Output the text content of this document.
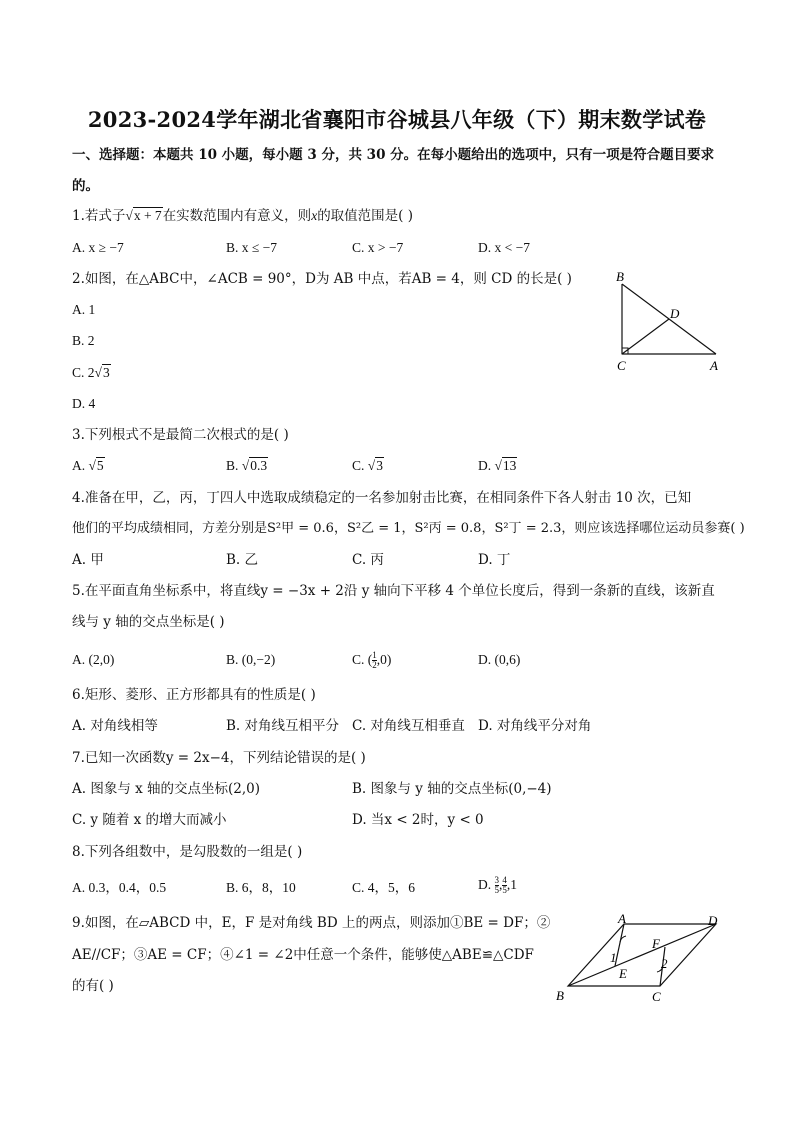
2023-2024学年湖北省襄阳市谷城县八年级（下）期末数学试卷
一、选择题：本题共 10 小题，每小题 3 分，共 30 分。在每小题给出的选项中，只有一项是符合题目要求
的。
1.若式子√x + 7在实数范围内有意义，则x的取值范围是( )
A. x ≥ −7	B. x ≤ −7	C. x > −7	D. x < −7
2.如图，在△ABC中，∠ACB = 90°，D为 AB 中点，若AB = 4，则 CD 的长是( )
A. 1
B. 2
C. 2√3
D. 4
B
D
C	A
3.下列根式不是最简二次根式的是( )
A. √5	B. √0.3	C. √3	D. √13
4.准备在甲，乙，丙，丁四人中选取成绩稳定的一名参加射击比赛，在相同条件下各人射击 10 次，已知
他们的平均成绩相同，方差分别是S²甲 = 0.6，S²乙 = 1，S²丙 = 0.8，S²丁 = 2.3，则应该选择哪位运动员参赛( )
A. 甲	B. 乙	C. 丙	D. 丁
5.在平面直角坐标系中，将直线y = −3x + 2沿 y 轴向下平移 4 个单位长度后，得到一条新的直线，该新直
线与 y 轴的交点坐标是( )
A. (2,0)	B. (0,−2)	C. ( $\frac{1}{2} ,0$)	D. (0,6)
6.矩形、菱形、正方形都具有的性质是( )
A. 对角线相等	B. 对角线互相平分 C. 对角线互相垂直 D. 对角线平分对角
7.已知一次函数y = 2x−4，下列结论错误的是( )
A. 图象与 x 轴的交点坐标(2,0)	B. 图象与 y 轴的交点坐标(0,−4)
C. y 随着 x 的增大而减小	D. 当x < 2时，y < 0
8.下列各组数中，是勾股数的一组是( )
A. 0.3，0.4，0.5	B. 6，8，10	C. 4，5，6	D. $\frac{3}{5}$ , $\frac{4}{5} ,1$
9.如图，在▱ABCD 中，E，F 是对角线 BD 上的两点，则添加①BE = DF；②
AE//CF；③AE = CF；④∠1 = ∠2中任意一个条件，能够使△ABE≌△CDF
的有( )
A	D
F
1	2
E
B	C
